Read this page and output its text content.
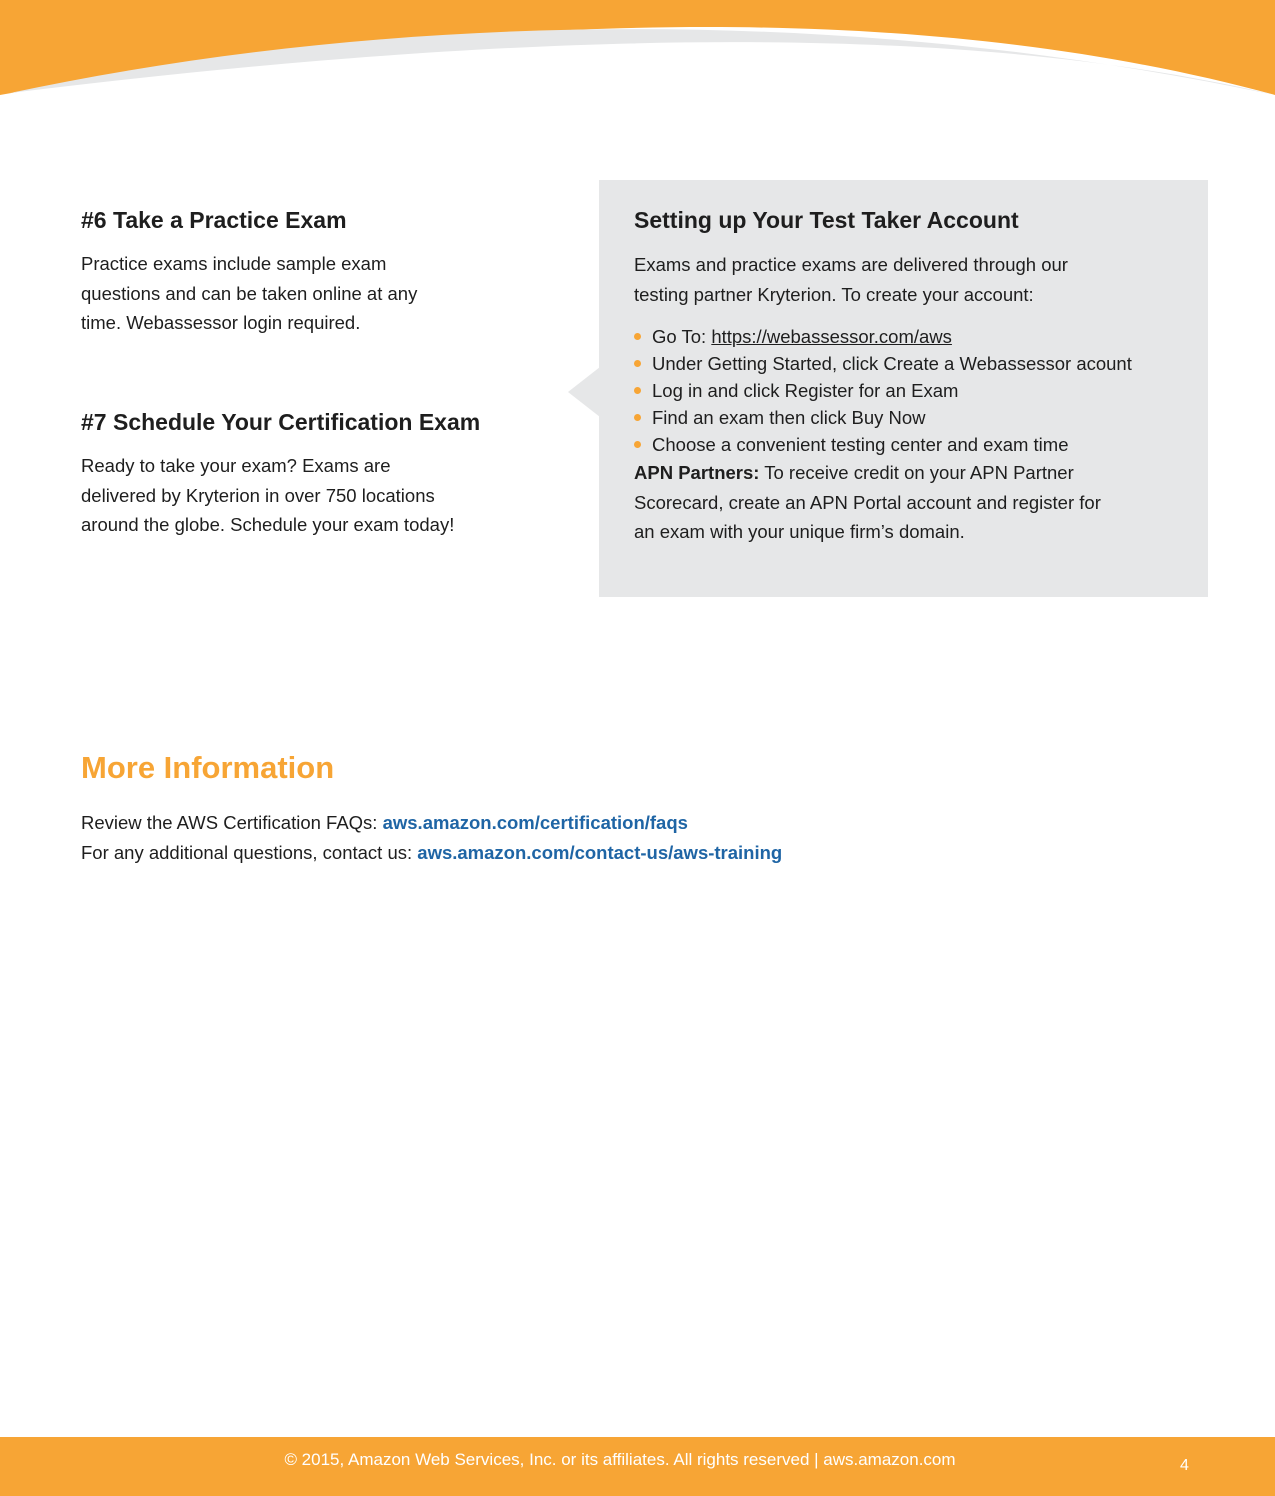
#6 Take a Practice Exam

Practice exams include sample exam
questions and can be taken online at any
time. Webassessor login required.

#7 Schedule Your Certification Exam

Ready to take your exam? Exams are
delivered by Kryterion in over 750 locations
around the globe. Schedule your exam today!

Setting up Your Test Taker Account

Exams and practice exams are delivered through our
testing partner Kryterion. To create your account:

Go To: https://webassessor.com/aws
Under Getting Started, click Create a Webassessor acount
Log in and click Register for an Exam
Find an exam then click Buy Now
Choose a convenient testing center and exam time

APN Partners: To receive credit on your APN Partner
Scorecard, create an APN Portal account and register for
an exam with your unique firm’s domain.

More Information

Review the AWS Certification FAQs: aws.amazon.com/certification/faqs

For any additional questions, contact us: aws.amazon.com/contact-us/aws-training

© 2015, Amazon Web Services, Inc. or its affiliates. All rights reserved | aws.amazon.com	4
